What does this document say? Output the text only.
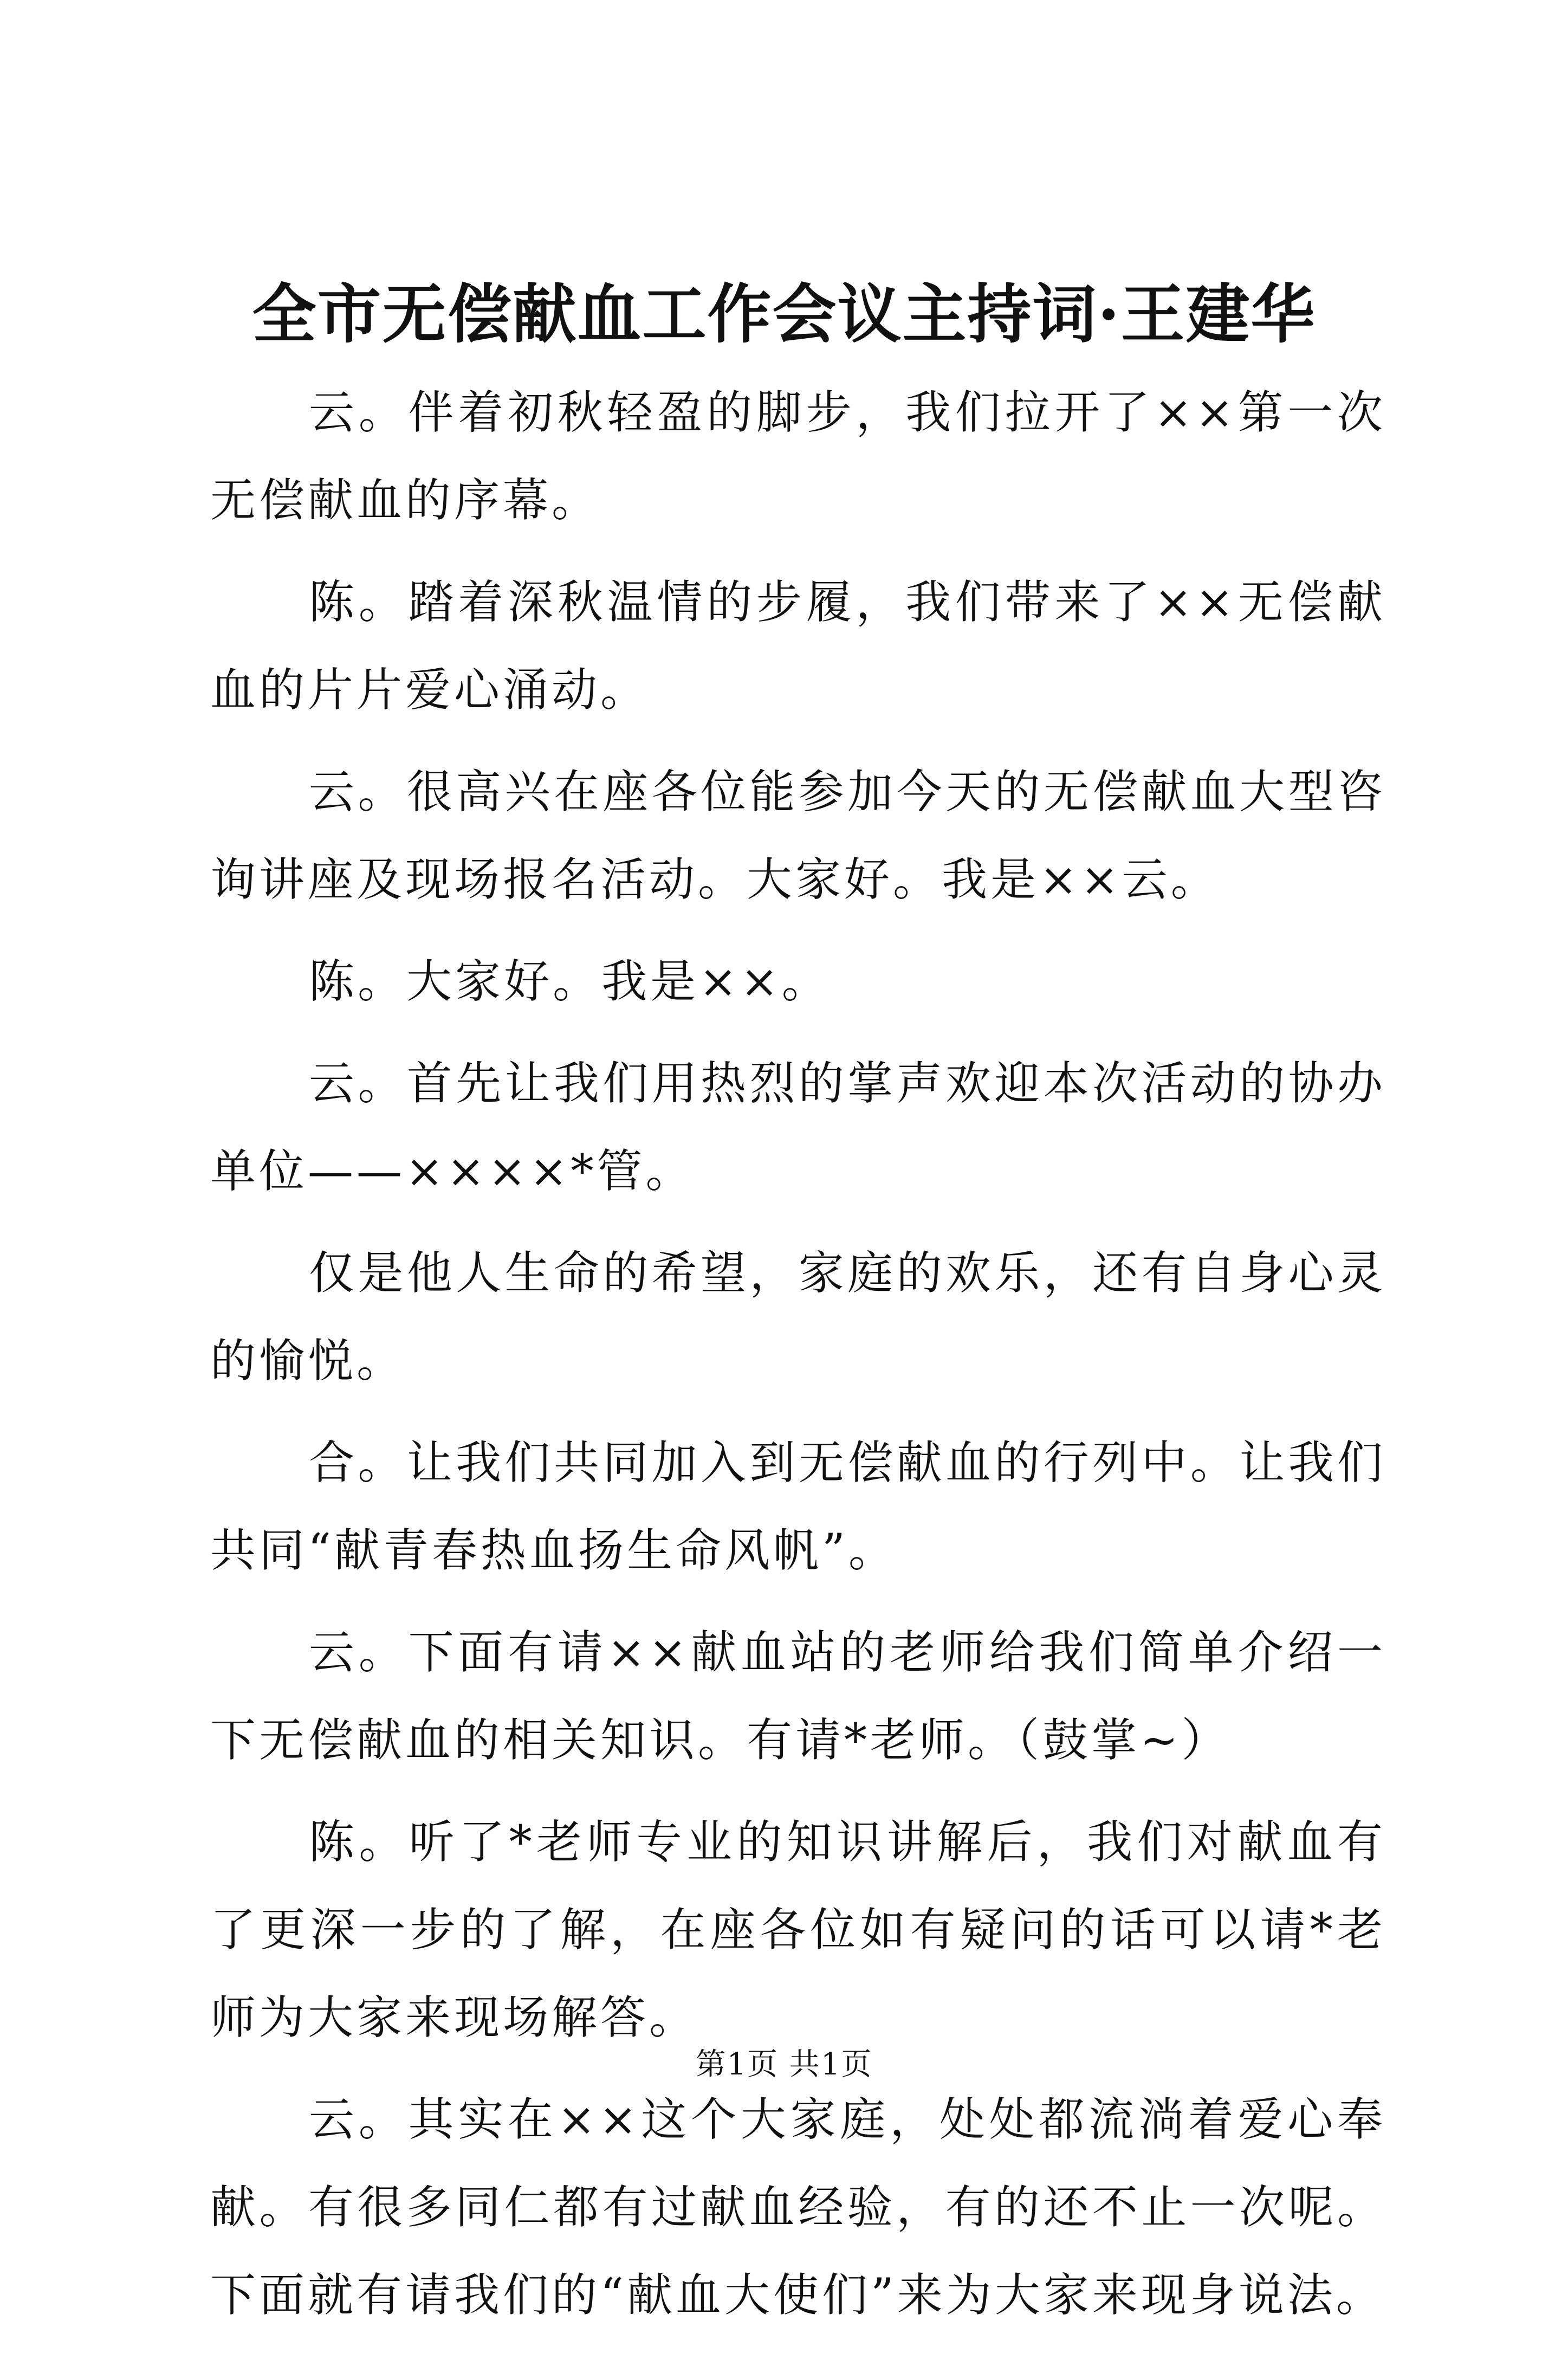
全市无偿献血工作会议主持词·王建华

云。伴着初秋轻盈的脚步，我们拉开了××第一次无偿献血的序幕。

陈。踏着深秋温情的步履，我们带来了××无偿献血的片片爱心涌动。

云。很高兴在座各位能参加今天的无偿献血大型咨询讲座及现场报名活动。大家好。我是××云。

陈。大家好。我是××。

云。首先让我们用热烈的掌声欢迎本次活动的协办单位——××××*管。

仅是他人生命的希望，家庭的欢乐，还有自身心灵的愉悦。

合。让我们共同加入到无偿献血的行列中。让我们共同“献青春热血扬生命风帆”。

云。下面有请××献血站的老师给我们简单介绍一下无偿献血的相关知识。有请*老师。（鼓掌~）

陈。听了*老师专业的知识讲解后，我们对献血有了更深一步的了解，在座各位如有疑问的话可以请*老师为大家来现场解答。

云。其实在××这个大家庭，处处都流淌着爱心奉献。有很多同仁都有过献血经验，有的还不止一次呢。下面就有请我们的“献血大使们”来为大家来现身说法。

第1页 共1页
